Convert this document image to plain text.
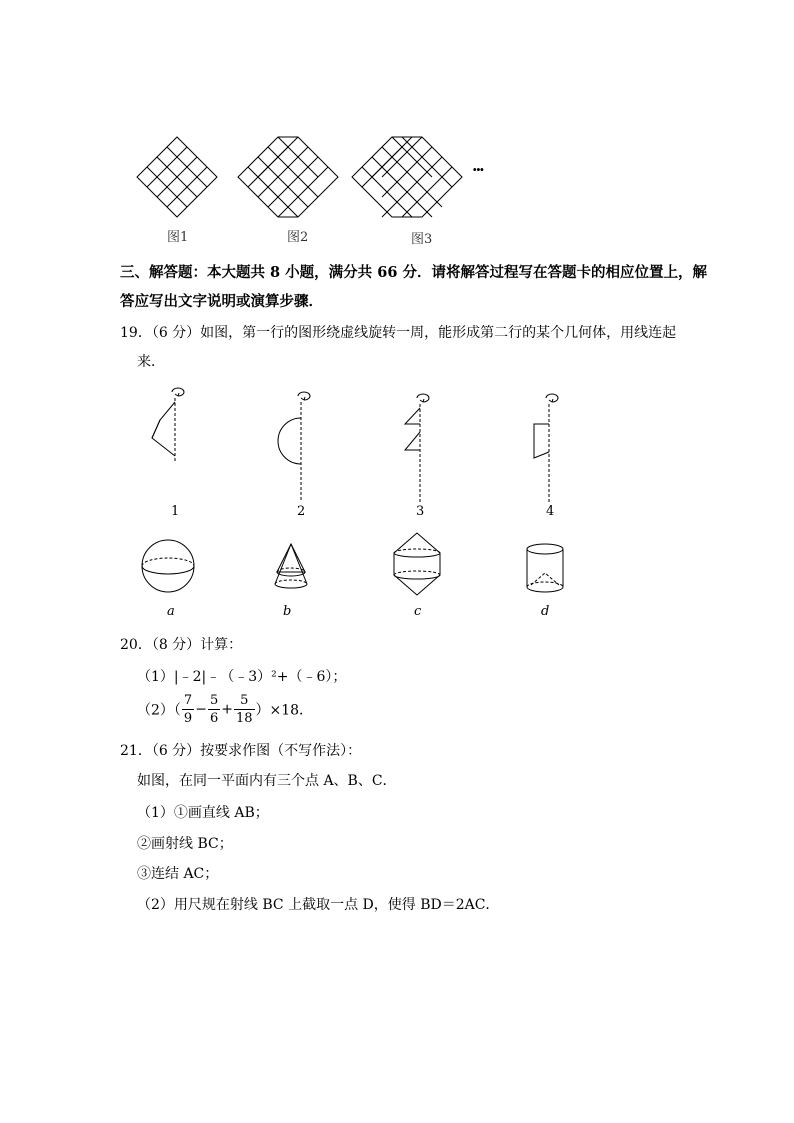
···
图1	图2	图3
三、解答题：本大题共 8 小题，满分共 66 分．请将解答过程写在答题卡的相应位置上，解
答应写出文字说明或演算步骤．
19．（6 分）如图，第一行的图形绕虚线旋转一周，能形成第二行的某个几何体，用线连起
来．
1	2	3	4
a	b	c	d
20．（8 分）计算：
（1）|﹣2|﹣（﹣3）²+（﹣6）；
$(2)( \frac{7}{9} - \frac{5}{6} + \frac{5}{18} )\times 18$．
21．（6 分）按要求作图（不写作法）：
如图，在同一平面内有三个点 A、B、C．
（1）①画直线 AB；
②画射线 BC；
③连结 AC；
（2）用尺规在射线 BC 上截取一点 D，使得 BD＝2AC．
